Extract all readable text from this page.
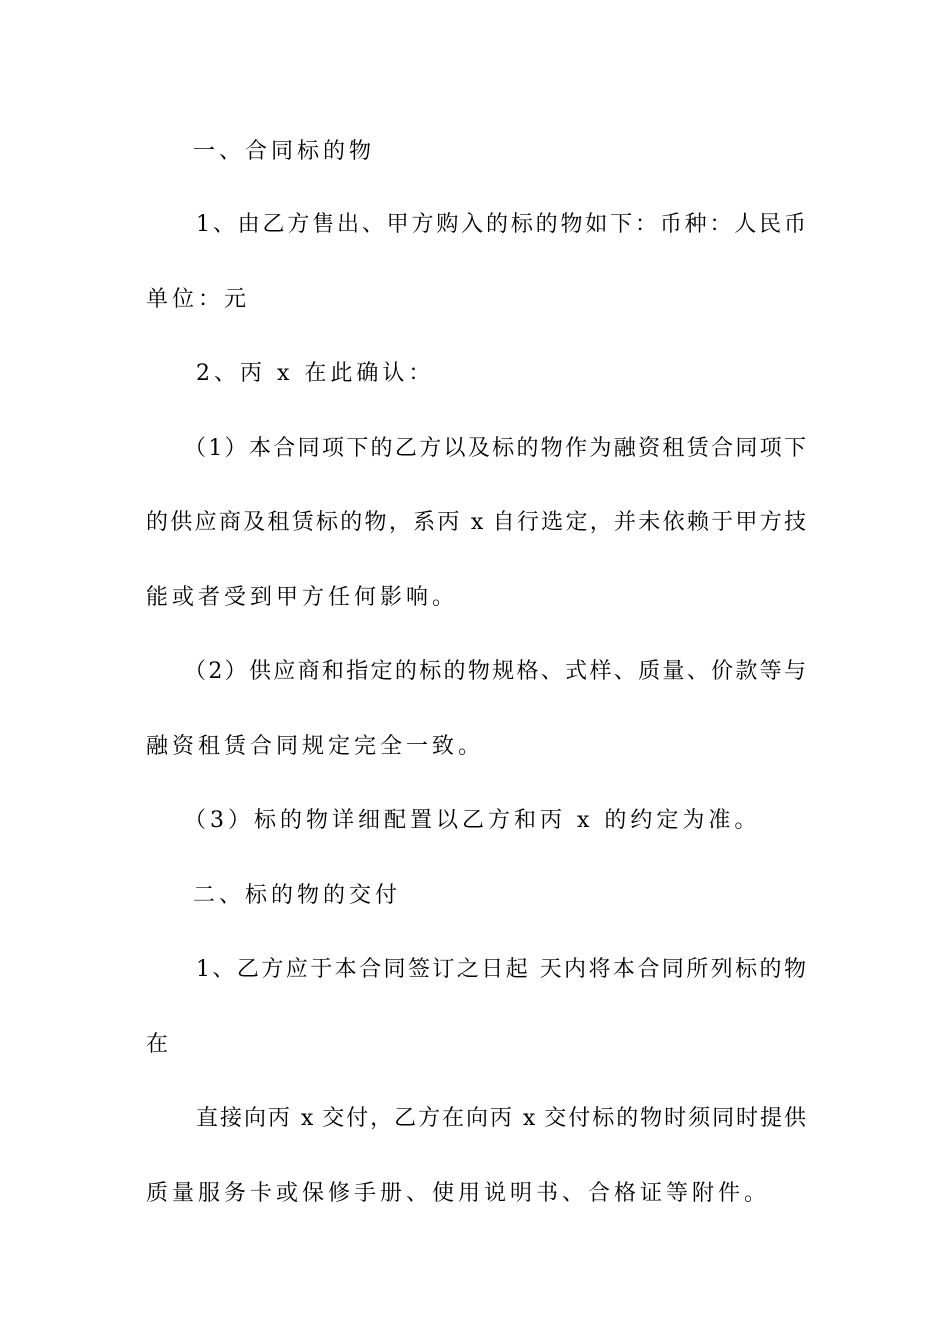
一、合同标的物
1、由乙方售出、甲方购入的标的物如下：币种：人民币
单位：元
2、丙 x 在此确认：
（1）本合同项下的乙方以及标的物作为融资租赁合同项下
的供应商及租赁标的物，系丙 x 自行选定，并未依赖于甲方技
能或者受到甲方任何影响。
（2）供应商和指定的标的物规格、式样、质量、价款等与
融资租赁合同规定完全一致。
（3）标的物详细配置以乙方和丙 x 的约定为准。
二、标的物的交付
1、乙方应于本合同签订之日起 天内将本合同所列标的物
在
直接向丙 x 交付，乙方在向丙 x 交付标的物时须同时提供
质量服务卡或保修手册、使用说明书、合格证等附件。
